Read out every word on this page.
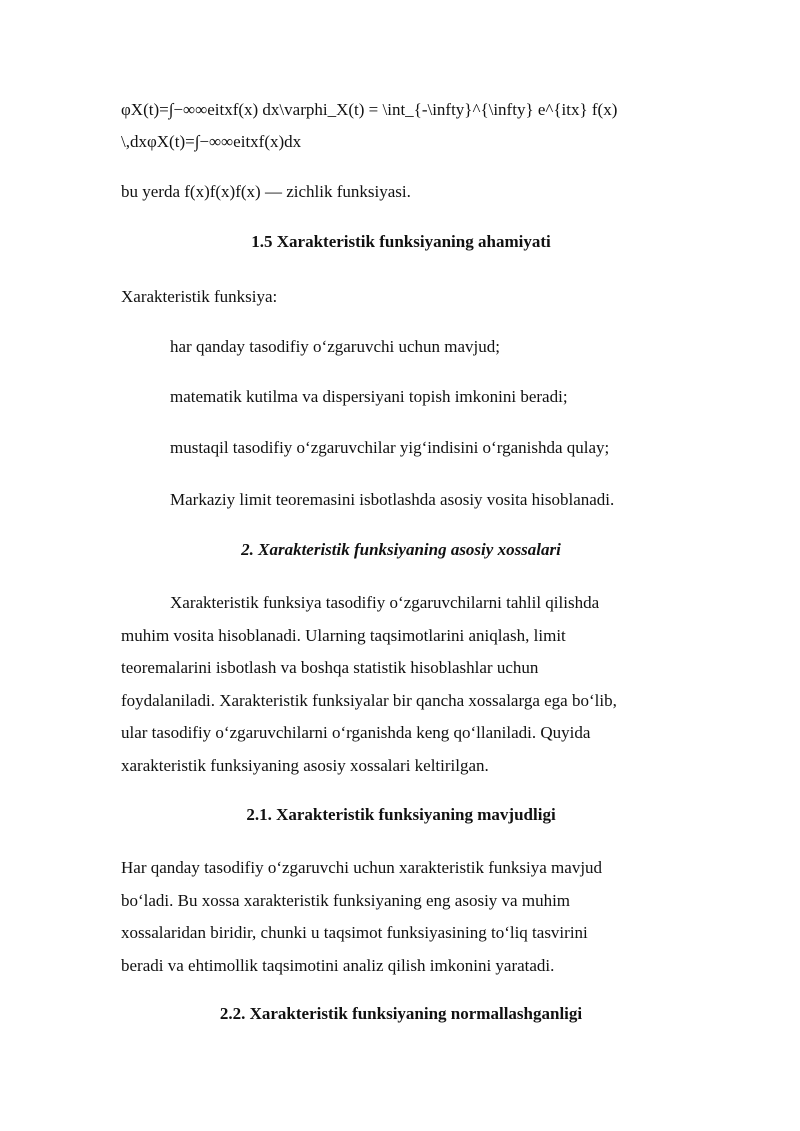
φX(t)=∫−∞∞eitxf(x) dx\varphi_X(t) = \int_{-\infty}^{\infty} e^{itx} f(x)
\,dxφX(t)=∫−∞∞eitxf(x)dx

bu yerda f(x)f(x)f(x) — zichlik funksiyasi.

1.5 Xarakteristik funksiyaning ahamiyati

Xarakteristik funksiya:

har qanday tasodifiy oʻzgaruvchi uchun mavjud;

matematik kutilma va dispersiyani topish imkonini beradi;

mustaqil tasodifiy oʻzgaruvchilar yigʻindisini oʻrganishda qulay;

Markaziy limit teoremasini isbotlashda asosiy vosita hisoblanadi.

2. Xarakteristik funksiyaning asosiy xossalari

Xarakteristik funksiya tasodifiy oʻzgaruvchilarni tahlil qilishda
muhim vosita hisoblanadi. Ularning taqsimotlarini aniqlash, limit
teoremalarini isbotlash va boshqa statistik hisoblashlar uchun
foydalaniladi. Xarakteristik funksiyalar bir qancha xossalarga ega boʻlib,
ular tasodifiy oʻzgaruvchilarni oʻrganishda keng qoʻllaniladi. Quyida
xarakteristik funksiyaning asosiy xossalari keltirilgan.

2.1. Xarakteristik funksiyaning mavjudligi

Har qanday tasodifiy oʻzgaruvchi uchun xarakteristik funksiya mavjud
boʻladi. Bu xossa xarakteristik funksiyaning eng asosiy va muhim
xossalaridan biridir, chunki u taqsimot funksiyasining toʻliq tasvirini
beradi va ehtimollik taqsimotini analiz qilish imkonini yaratadi.

2.2. Xarakteristik funksiyaning normallashganligi
